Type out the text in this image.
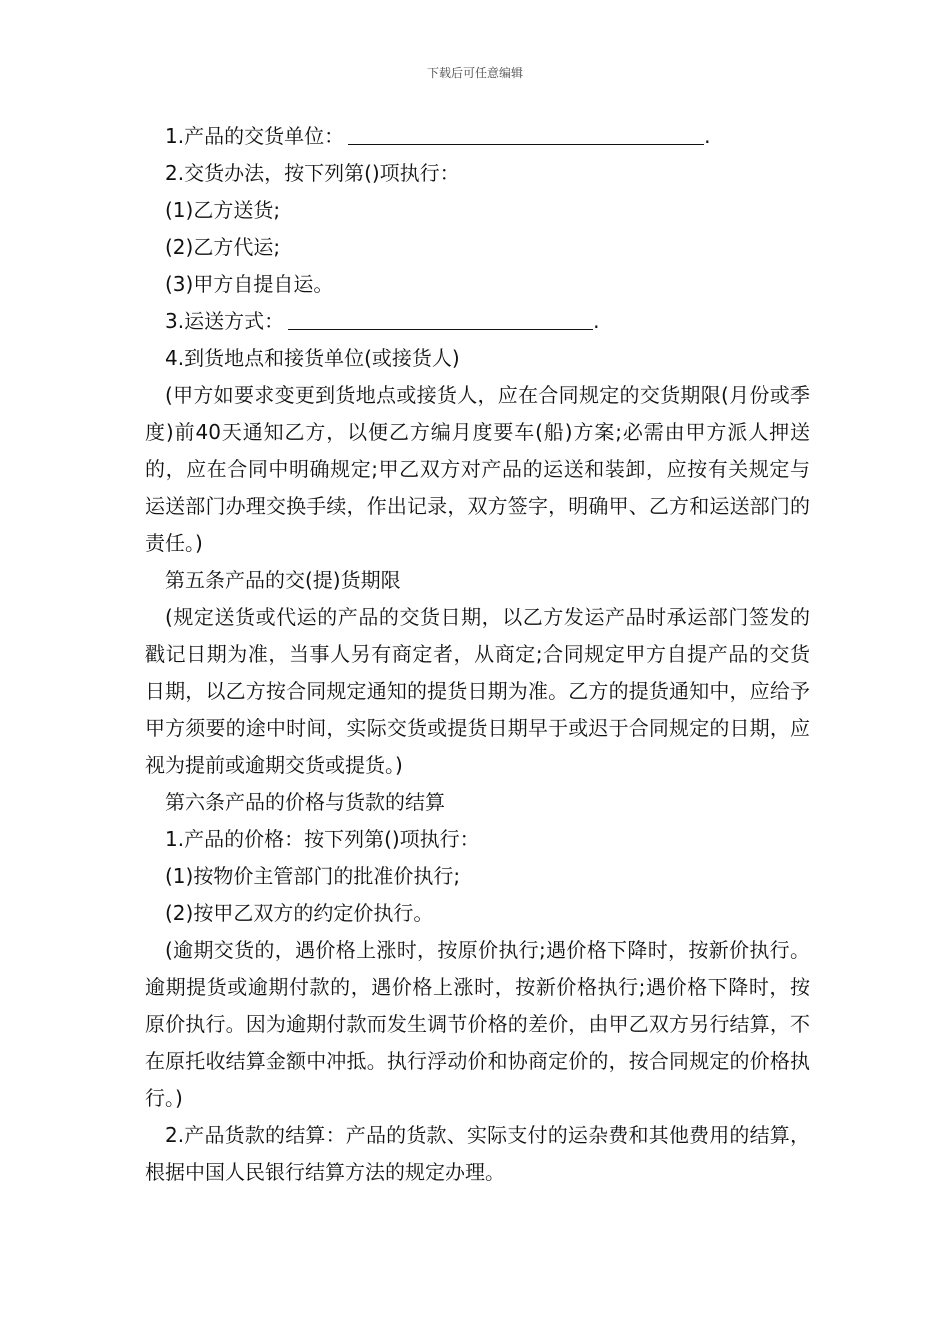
下载后可任意编辑

1.产品的交货单位：	.

2.交货办法，按下列第()项执行：

(1)乙方送货;

(2)乙方代运;

(3)甲方自提自运。

3.运送方式：	.

4.到货地点和接货单位(或接货人)

(甲方如要求变更到货地点或接货人，应在合同规定的交货期限(月份或季度)前40天通知乙方，以便乙方编月度要车(船)方案;必需由甲方派人押送的，应在合同中明确规定;甲乙双方对产品的运送和装卸，应按有关规定与运送部门办理交换手续，作出记录，双方签字，明确甲、乙方和运送部门的责任。)

第五条产品的交(提)货期限

(规定送货或代运的产品的交货日期，以乙方发运产品时承运部门签发的戳记日期为准，当事人另有商定者，从商定;合同规定甲方自提产品的交货日期，以乙方按合同规定通知的提货日期为准。乙方的提货通知中，应给予甲方须要的途中时间，实际交货或提货日期早于或迟于合同规定的日期，应视为提前或逾期交货或提货。)

第六条产品的价格与货款的结算

1.产品的价格：按下列第()项执行：

(1)按物价主管部门的批准价执行;

(2)按甲乙双方的约定价执行。

(逾期交货的，遇价格上涨时，按原价执行;遇价格下降时，按新价执行。逾期提货或逾期付款的，遇价格上涨时，按新价格执行;遇价格下降时，按原价执行。因为逾期付款而发生调节价格的差价，由甲乙双方另行结算，不在原托收结算金额中冲抵。执行浮动价和协商定价的，按合同规定的价格执行。)

2.产品货款的结算：产品的货款、实际支付的运杂费和其他费用的结算，根据中国人民银行结算方法的规定办理。
